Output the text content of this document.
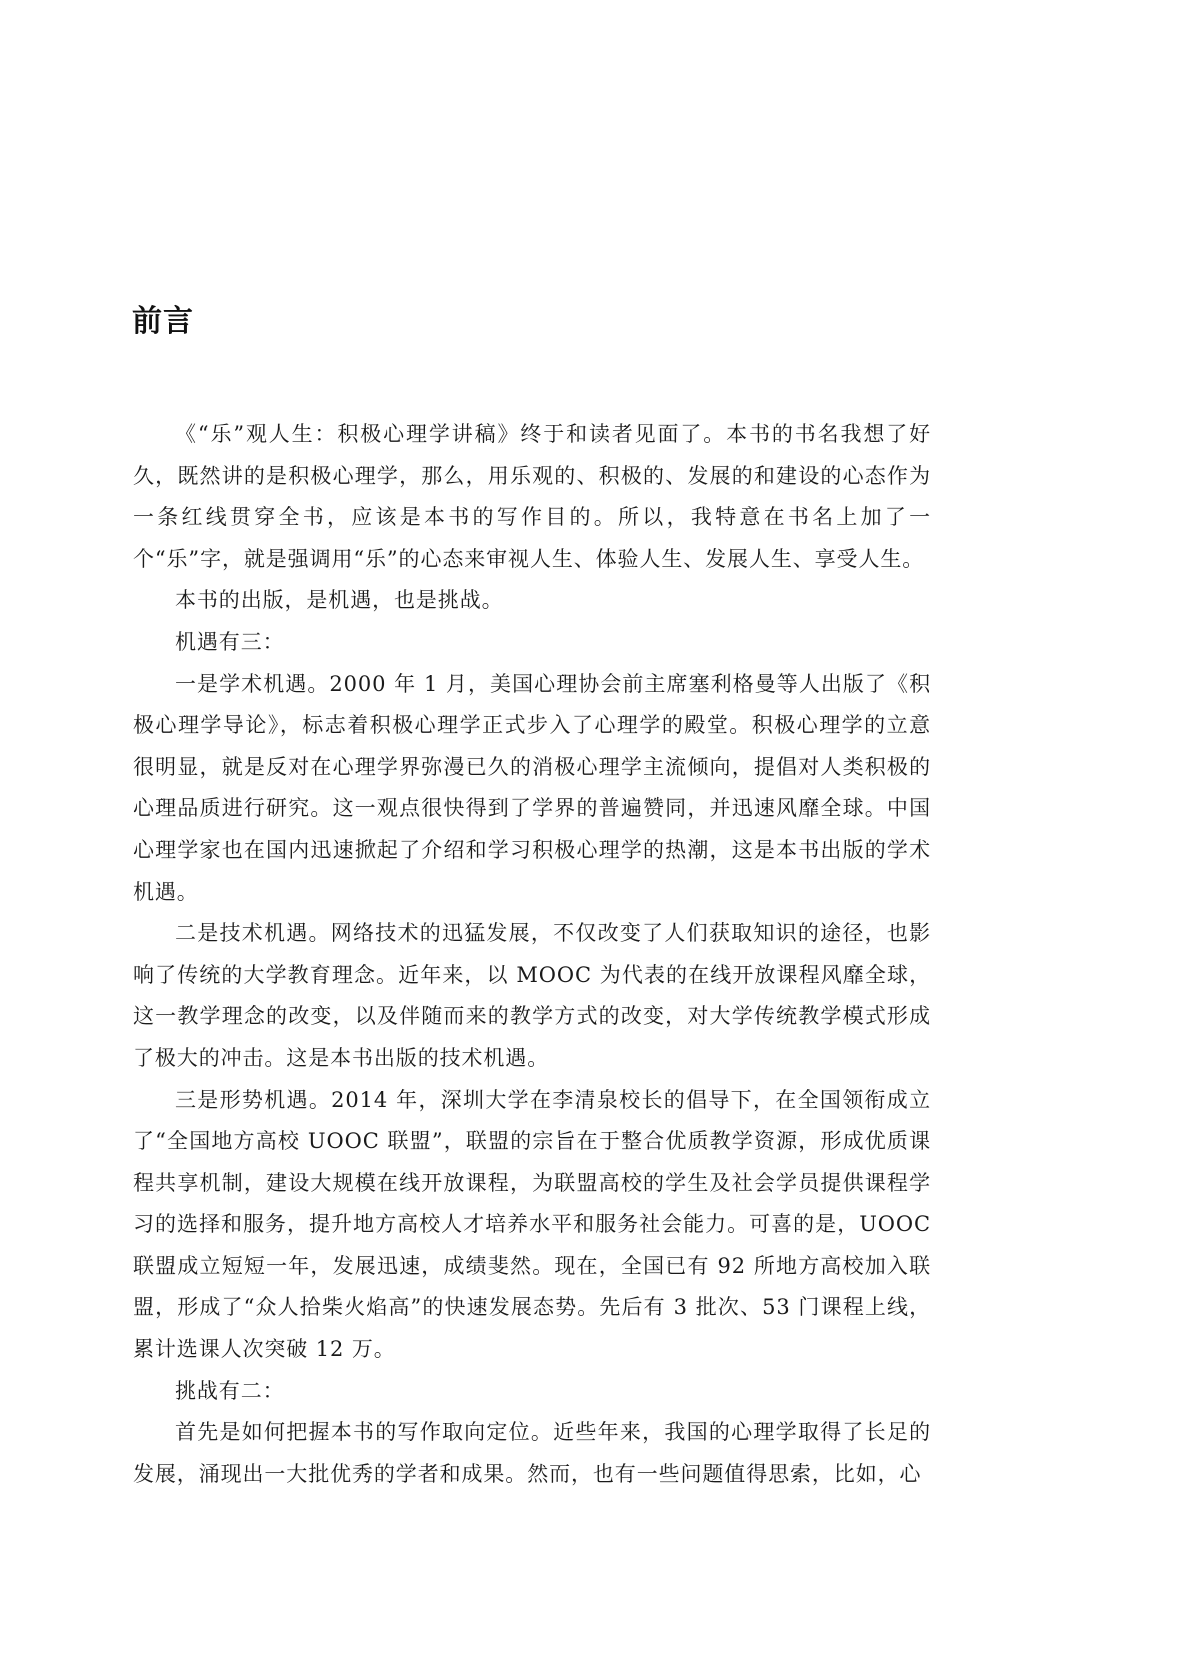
前言

《“乐”观人生：积极心理学讲稿》终于和读者见面了。本书的书名我想了好久，既然讲的是积极心理学，那么，用乐观的、积极的、发展的和建设的心态作为一条红线贯穿全书，应该是本书的写作目的。所以，我特意在书名上加了一个“乐”字，就是强调用“乐”的心态来审视人生、体验人生、发展人生、享受人生。

本书的出版，是机遇，也是挑战。

机遇有三：

一是学术机遇。2000 年 1 月，美国心理协会前主席塞利格曼等人出版了《积极心理学导论》，标志着积极心理学正式步入了心理学的殿堂。积极心理学的立意很明显，就是反对在心理学界弥漫已久的消极心理学主流倾向，提倡对人类积极的心理品质进行研究。这一观点很快得到了学界的普遍赞同，并迅速风靡全球。中国心理学家也在国内迅速掀起了介绍和学习积极心理学的热潮，这是本书出版的学术机遇。

二是技术机遇。网络技术的迅猛发展，不仅改变了人们获取知识的途径，也影响了传统的大学教育理念。近年来，以 MOOC 为代表的在线开放课程风靡全球，这一教学理念的改变，以及伴随而来的教学方式的改变，对大学传统教学模式形成了极大的冲击。这是本书出版的技术机遇。

三是形势机遇。2014 年，深圳大学在李清泉校长的倡导下，在全国领衔成立了“全国地方高校 UOOC 联盟”，联盟的宗旨在于整合优质教学资源，形成优质课程共享机制，建设大规模在线开放课程，为联盟高校的学生及社会学员提供课程学习的选择和服务，提升地方高校人才培养水平和服务社会能力。可喜的是，UOOC 联盟成立短短一年，发展迅速，成绩斐然。现在，全国已有 92 所地方高校加入联盟，形成了“众人拾柴火焰高”的快速发展态势。先后有 3 批次、53 门课程上线，累计选课人次突破 12 万。

挑战有二：

首先是如何把握本书的写作取向定位。近些年来，我国的心理学取得了长足的发展，涌现出一大批优秀的学者和成果。然而，也有一些问题值得思索，比如，心
